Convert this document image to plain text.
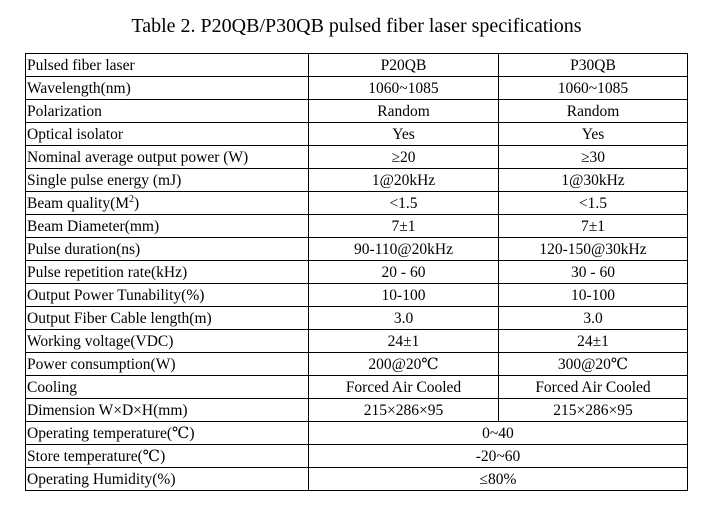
Table 2. P20QB/P30QB pulsed fiber laser specifications
Pulsed fiber laser	P20QB	P30QB
Wavelength(nm)	1060~1085	1060~1085
Polarization	Random	Random
Optical isolator	Yes	Yes
Nominal average output power (W)	≥20	≥30
Single pulse energy (mJ)	1@20kHz	1@30kHz
Beam $quality(M^2)$	<1.5	<1.5
Beam Diameter(mm)	7±1	7±1
Pulse duration(ns)	90-110@20kHz	120-150@30kHz
Pulse repetition rate(kHz)	20 - 60	30 - 60
Output Power Tunability(%)	10-100	10-100
Output Fiber Cable length(m)	3.0	3.0
Working voltage(VDC)	24±1	24±1
Power consumption(W)	200@20℃	300@20℃
Cooling	Forced Air Cooled	Forced Air Cooled
Dimension W×D×H(mm)	215×286×95	215×286×95
Operating temperature(℃)	0~40	
Store temperature(℃)	-20~60	
Operating Humidity(%)	≤80%	
